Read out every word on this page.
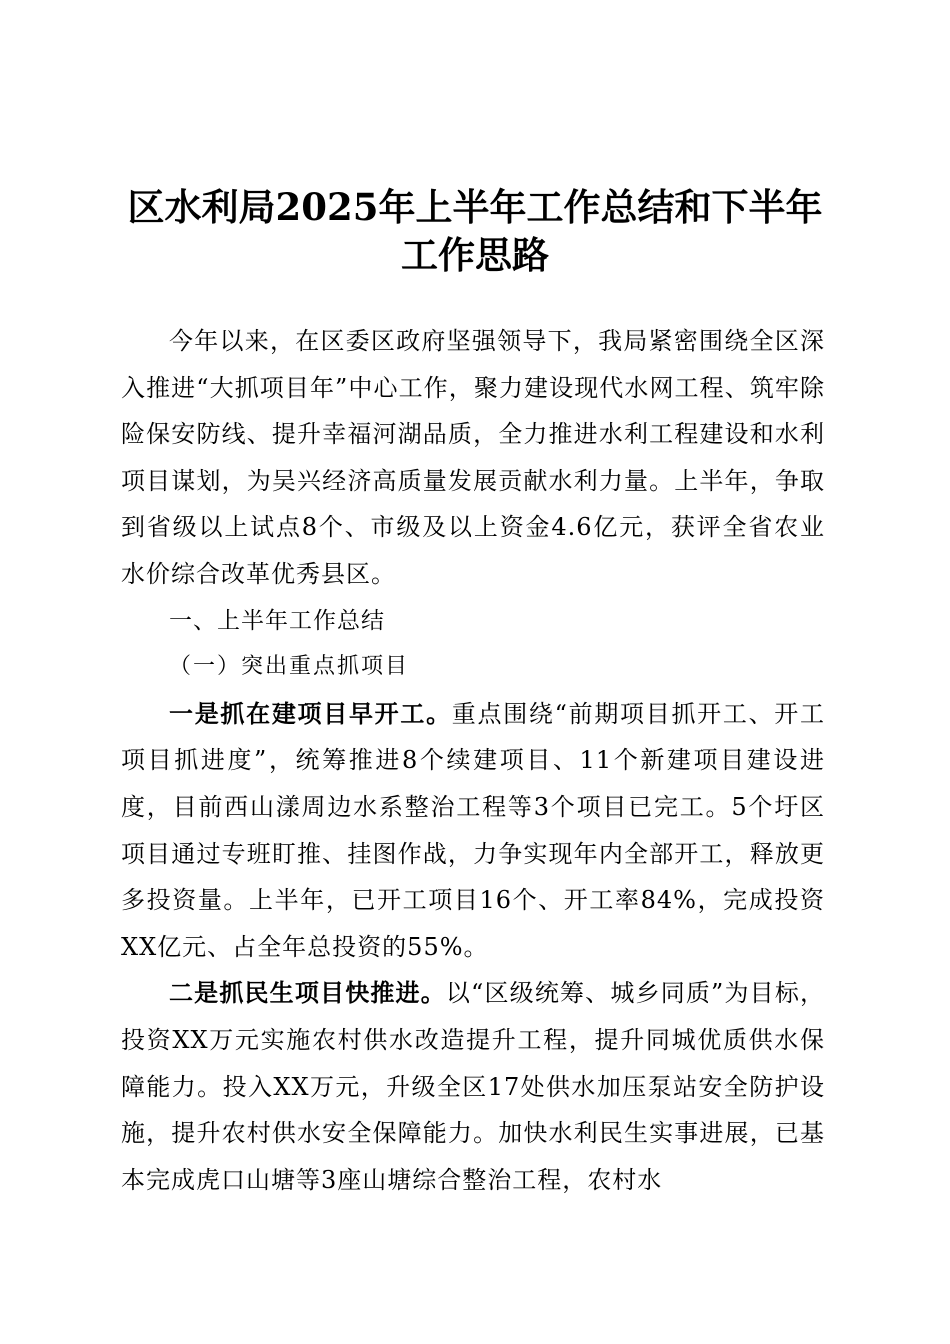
区水利局2025年上半年工作总结和下半年工作思路

今年以来，在区委区政府坚强领导下，我局紧密围绕全区深入推进“大抓项目年”中心工作，聚力建设现代水网工程、筑牢除险保安防线、提升幸福河湖品质，全力推进水利工程建设和水利项目谋划，为吴兴经济高质量发展贡献水利力量。上半年，争取到省级以上试点8个、市级及以上资金4.6亿元，获评全省农业水价综合改革优秀县区。

一、上半年工作总结

（一）突出重点抓项目

一是抓在建项目早开工。重点围绕“前期项目抓开工、开工项目抓进度”，统筹推进8个续建项目、11个新建项目建设进度，目前西山漾周边水系整治工程等3个项目已完工。5个圩区项目通过专班盯推、挂图作战，力争实现年内全部开工，释放更多投资量。上半年，已开工项目16个、开工率84%，完成投资XX亿元、占全年总投资的55%。

二是抓民生项目快推进。以“区级统筹、城乡同质”为目标，投资XX万元实施农村供水改造提升工程，提升同城优质供水保障能力。投入XX万元，升级全区17处供水加压泵站安全防护设施，提升农村供水安全保障能力。加快水利民生实事进展，已基本完成虎口山塘等3座山塘综合整治工程，农村水
